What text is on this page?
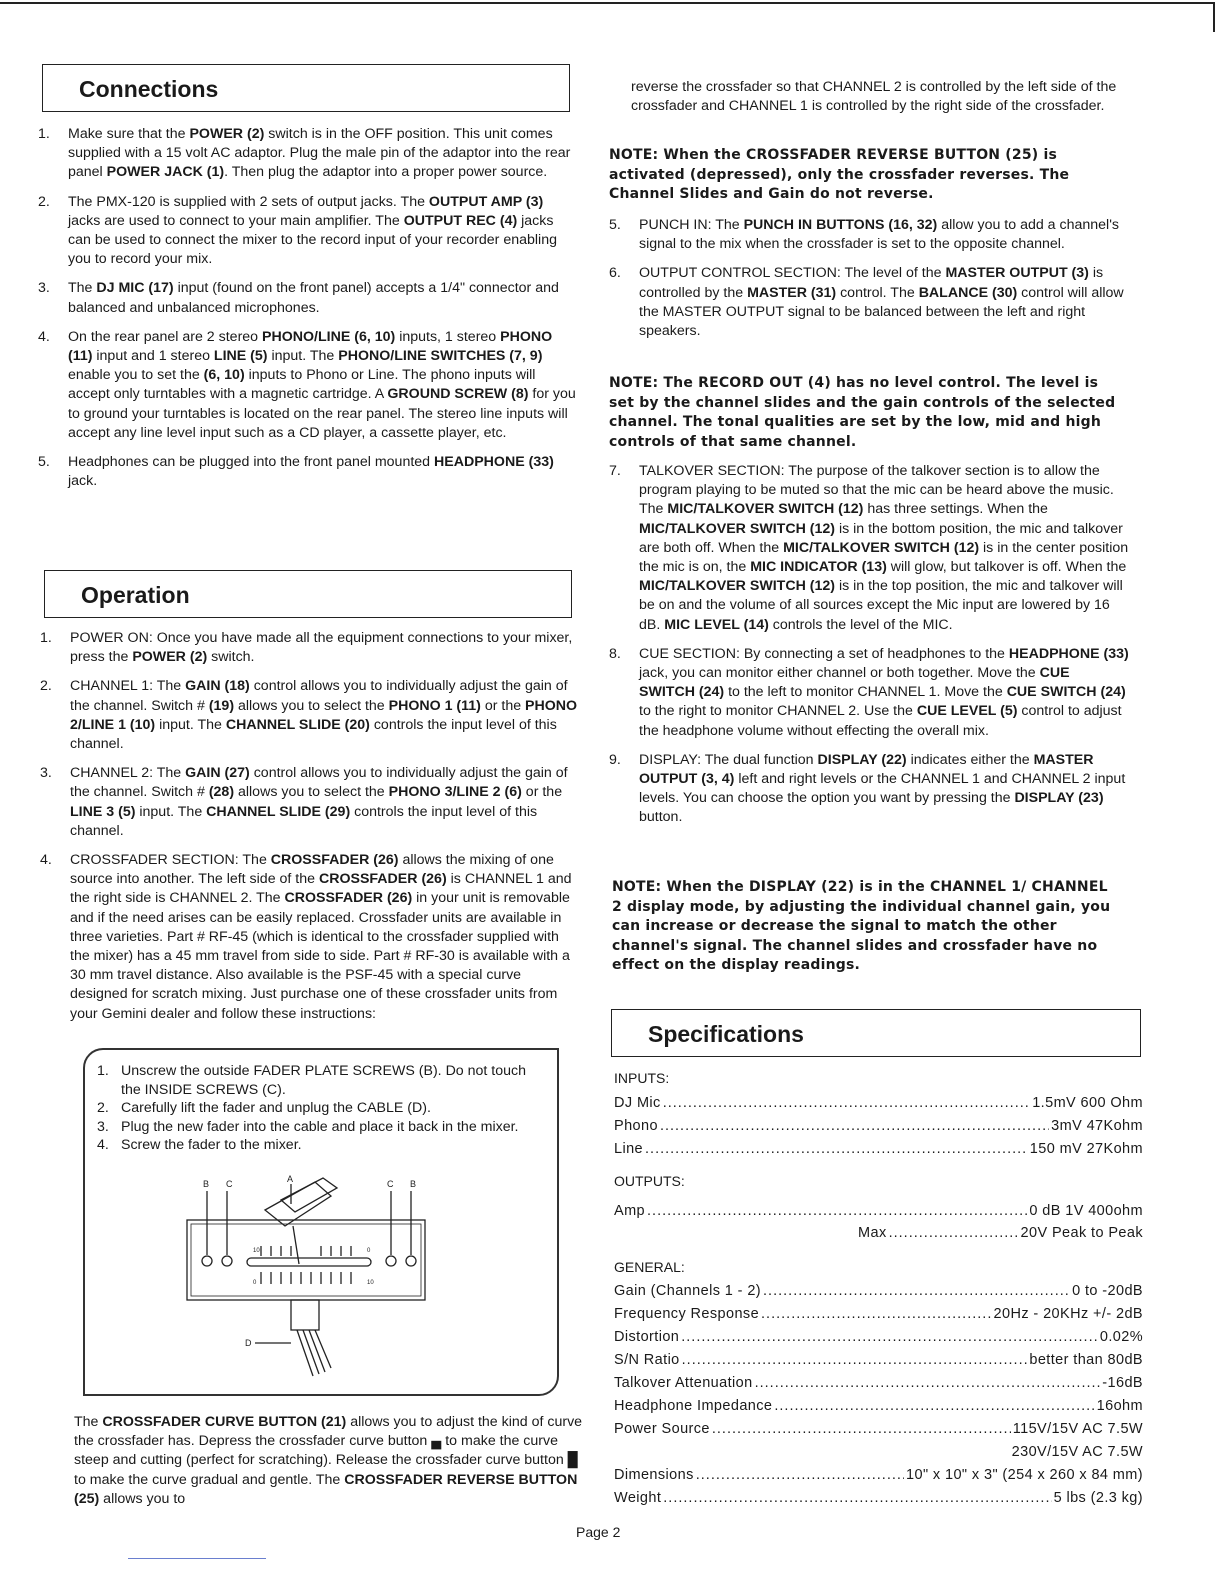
Connections
1. Make sure that the POWER (2) switch is in the OFF position. This unit comes supplied with a 15 volt AC adaptor. Plug the male pin of the adaptor into the rear panel POWER JACK (1). Then plug the adaptor into a proper power source.
2. The PMX-120 is supplied with 2 sets of output jacks. The OUTPUT AMP (3) jacks are used to connect to your main amplifier. The OUTPUT REC (4) jacks can be used to connect the mixer to the record input of your recorder enabling you to record your mix.
3. The DJ MIC (17) input (found on the front panel) accepts a 1/4" connector and balanced and unbalanced microphones.
4. On the rear panel are 2 stereo PHONO/LINE (6, 10) inputs, 1 stereo PHONO (11) input and 1 stereo LINE (5) input. The PHONO/LINE SWITCHES (7, 9) enable you to set the (6, 10) inputs to Phono or Line. The phono inputs will accept only turntables with a magnetic cartridge. A GROUND SCREW (8) for you to ground your turntables is located on the rear panel. The stereo line inputs will accept any line level input such as a CD player, a cassette player, etc.
5. Headphones can be plugged into the front panel mounted HEADPHONE (33) jack.
Operation
1. POWER ON: Once you have made all the equipment connections to your mixer, press the POWER (2) switch.
2. CHANNEL 1: The GAIN (18) control allows you to individually adjust the gain of the channel. Switch # (19) allows you to select the PHONO 1 (11) or the PHONO 2/LINE 1 (10) input. The CHANNEL SLIDE (20) controls the input level of this channel.
3. CHANNEL 2: The GAIN (27) control allows you to individually adjust the gain of the channel. Switch # (28) allows you to select the PHONO 3/LINE 2 (6) or the LINE 3 (5) input. The CHANNEL SLIDE (29) controls the input level of this channel.
4. CROSSFADER SECTION: The CROSSFADER (26) allows the mixing of one source into another. The left side of the CROSSFADER (26) is CHANNEL 1 and the right side is CHANNEL 2. The CROSSFADER (26) in your unit is removable and if the need arises can be easily replaced. Crossfader units are available in three varieties. Part # RF-45 (which is identical to the crossfader supplied with the mixer) has a 45 mm travel from side to side. Part # RF-30 is available with a 30 mm travel distance. Also available is the PSF-45 with a special curve designed for scratch mixing. Just purchase one of these crossfader units from your Gemini dealer and follow these instructions:
1. Unscrew the outside FADER PLATE SCREWS (B). Do not touch the INSIDE SCREWS (C).
2. Carefully lift the fader and unplug the CABLE (D).
3. Plug the new fader into the cable and place it back in the mixer.
4. Screw the fader to the mixer.
B C	A	C B
D
10	0
0	10

The CROSSFADER CURVE BUTTON (21) allows you to adjust the kind of curve the crossfader has. Depress the crossfader curve button ▄ to make the curve steep and cutting (perfect for scratching). Release the crossfader curve button █ to make the curve gradual and gentle. The CROSSFADER REVERSE BUTTON (25) allows you to

reverse the crossfader so that CHANNEL 2 is controlled by the left side of the crossfader and CHANNEL 1 is controlled by the right side of the crossfader.

NOTE: When the CROSSFADER REVERSE BUTTON (25) is activated (depressed), only the crossfader reverses. The Channel Slides and Gain do not reverse.

5. PUNCH IN: The PUNCH IN BUTTONS (16, 32) allow you to add a channel's signal to the mix when the crossfader is set to the opposite channel.
6. OUTPUT CONTROL SECTION: The level of the MASTER OUTPUT (3) is controlled by the MASTER (31) control. The BALANCE (30) control will allow the MASTER OUTPUT signal to be balanced between the left and right speakers.

NOTE: The RECORD OUT (4) has no level control. The level is set by the channel slides and the gain controls of the selected channel. The tonal qualities are set by the low, mid and high controls of that same channel.

7. TALKOVER SECTION: The purpose of the talkover section is to allow the program playing to be muted so that the mic can be heard above the music. The MIC/TALKOVER SWITCH (12) has three settings. When the MIC/TALKOVER SWITCH (12) is in the bottom position, the mic and talkover are both off. When the MIC/TALKOVER SWITCH (12) is in the center position the mic is on, the MIC INDICATOR (13) will glow, but talkover is off. When the MIC/TALKOVER SWITCH (12) is in the top position, the mic and talkover will be on and the volume of all sources except the Mic input are lowered by 16 dB. MIC LEVEL (14) controls the level of the MIC.
8. CUE SECTION: By connecting a set of headphones to the HEADPHONE (33) jack, you can monitor either channel or both together. Move the CUE SWITCH (24) to the left to monitor CHANNEL 1. Move the CUE SWITCH (24) to the right to monitor CHANNEL 2. Use the CUE LEVEL (5) control to adjust the headphone volume without effecting the overall mix.
9. DISPLAY: The dual function DISPLAY (22) indicates either the MASTER OUTPUT (3, 4) left and right levels or the CHANNEL 1 and CHANNEL 2 input levels. You can choose the option you want by pressing the DISPLAY (23) button.

NOTE: When the DISPLAY (22) is in the CHANNEL 1/ CHANNEL 2 display mode, by adjusting the individual channel gain, you can increase or decrease the signal to match the other channel's signal. The channel slides and crossfader have no effect on the display readings.

Specifications
INPUTS:
OUTPUTS:
GENERAL:
DJ Mic .....	1.5mV 600 Ohm
Phono .....	3mV 47Kohm
Line .....	150 mV 27Kohm
Amp .....	0 dB 1V 400ohm
Max .....	20V Peak to Peak
Gain (Channels 1 - 2) .....	0 to -20dB
Frequency Response .....	20Hz - 20KHz +/- 2dB
Distortion .....	0.02%
S/N Ratio .....	better than 80dB
Talkover Attenuation .....	-16dB
Headphone Impedance .....	16ohm
Power Source .....	115V/15V AC 7.5W
230V/15V AC 7.5W
Dimensions .....	10" x 10" x 3" (254 x 260 x 84 mm)
Weight .....	5 lbs (2.3 kg)
Page 2
